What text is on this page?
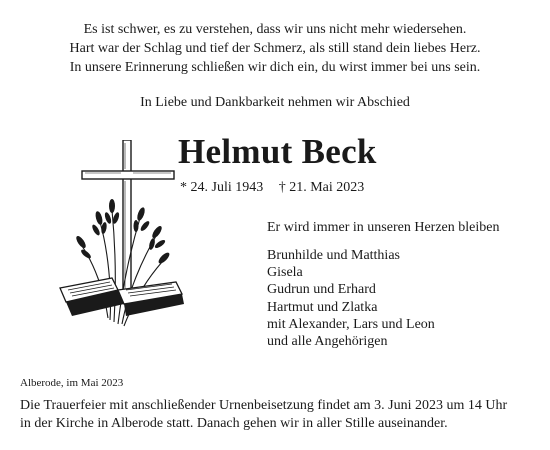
Es ist schwer, es zu verstehen, dass wir uns nicht mehr wiedersehen.
Hart war der Schlag und tief der Schmerz, als still stand dein liebes Herz.
In unsere Erinnerung schließen wir dich ein, du wirst immer bei uns sein.
In Liebe und Dankbarkeit nehmen wir Abschied
Helmut Beck
* 24. Juli 1943 † 21. Mai 2023
Er wird immer in unseren Herzen bleiben
Brunhilde und Matthias
Gisela
Gudrun und Erhard
Hartmut und Zlatka
mit Alexander, Lars und Leon
und alle Angehörigen
Alberode, im Mai 2023
Die Trauerfeier mit anschließender Urnenbeisetzung findet am 3. Juni 2023 um 14 Uhr
in der Kirche in Alberode statt. Danach gehen wir in aller Stille auseinander.
